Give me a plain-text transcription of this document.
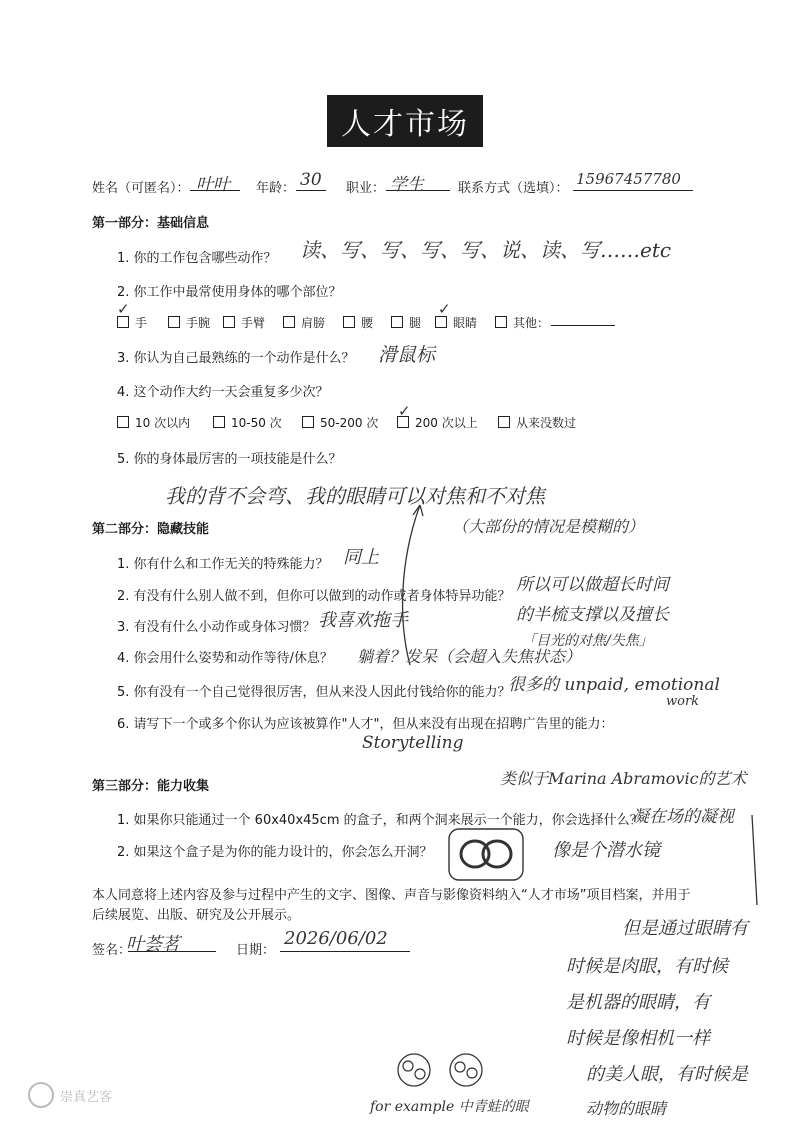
人才市场
姓名（可匿名）： 叶叶 年龄： 30 职业： 学生	联系方式（选填）：
15967457780
第一部分：基础信息
1. 你的工作包含哪些动作？ 读、写、写、写、写、说、读、写……etc
2. 你工作中最常使用身体的哪个部位？
手	手腕	手臂	肩膀	腰	腿	眼睛	其他：
✓	✓
3. 你认为自己最熟练的一个动作是什么？ 滑鼠标
4. 这个动作大约一天会重复多少次？
10 次以内	10-50 次	50-200 次	200 次以上	从来没数过
✓
5. 你的身体最厉害的一项技能是什么？
我的背不会弯、我的眼睛可以对焦和不对焦
（大部份的情况是模糊的）
第二部分：隐藏技能
1. 你有什么和工作无关的特殊能力？ 同上
2. 有没有什么别人做不到，但你可以做到的动作或者身体特异功能？
所以可以做超长时间
的半梳支撑以及擅长
「目光的对焦/失焦」
3. 有没有什么小动作或身体习惯？ 我喜欢拖手
4. 你会用什么姿势和动作等待/休息？ 躺着？发呆（会超入失焦状态）
5. 你有没有一个自己觉得很厉害，但从来没人因此付钱给你的能力？
很多的 unpaid, emotional
work
6. 请写下一个或多个你认为应该被算作"人才"，但从来没有出现在招聘广告里的能力：
Storytelling
第三部分：能力收集	类似于Marina Abramovic的艺术
1. 如果你只能通过一个 60x40x45cm 的盒子，和两个洞来展示一个能力，你会选择什么？
凝在场的凝视
2. 如果这个盒子是为你的能力设计的，你会怎么开洞？	像是个潜水镜
本人同意将上述内容及参与过程中产生的文字、图像、声音与影像资料纳入“人才市场”项目档案，并用于
后续展览、出版、研究及公开展示。
签名：
叶荟茗	日期：
2026/06/02	但是通过眼睛有
时候是肉眼，有时候
是机器的眼睛，有
时候是像相机一样
的美人眼，有时候是
动物的眼睛
for example 中青蛙的眼
崇真艺客
